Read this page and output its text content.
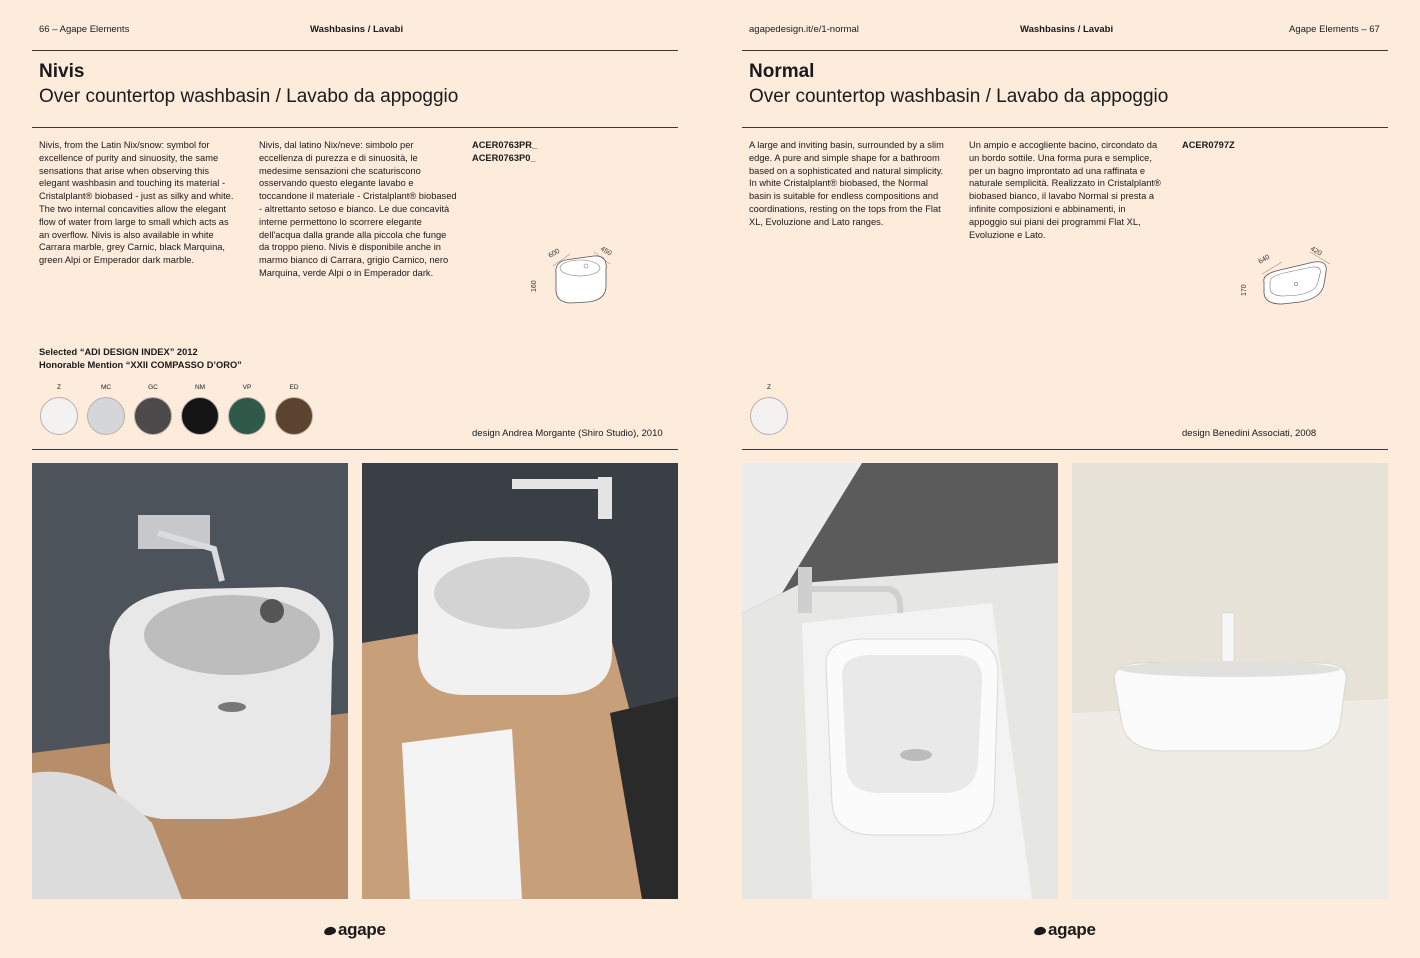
66 – Agape Elements	Washbasins / Lavabi
Nivis
Over countertop washbasin / Lavabo da appoggio
Nivis, from the Latin Nix/snow: symbol for excellence of purity and sinuosity, the same sensations that arise when observing this elegant washbasin and touching its material - Cristalplant® biobased - just as silky and white. The two internal concavities allow the elegant flow of water from large to small which acts as an overflow. Nivis is also available in white Carrara marble, grey Carnic, black Marquina, green Alpi or Emperador dark marble.
Nivis, dal latino Nix/neve: simbolo per eccellenza di purezza e di sinuosità, le medesime sensazioni che scaturiscono osservando questo elegante lavabo e toccandone il materiale - Cristalplant® biobased - altrettanto setoso e bianco. Le due concavità interne permettono lo scorrere elegante dell'acqua dalla grande alla piccola che funge da troppo pieno. Nivis è disponibile anche in marmo bianco di Carrara, grigio Carnico, nero Marquina, verde Alpi o in Emperador dark.
ACER0763PR_
ACER0763P0_
600	450
160
Selected “ADI DESIGN INDEX” 2012
Honorable Mention “XXII COMPASSO D’ORO”
Z	MC	GC	NM	VP	ED
design Andrea Morgante (Shiro Studio), 2010
agape
agapedesign.it/e/1-normal	Washbasins / Lavabi	Agape Elements – 67
Normal
Over countertop washbasin / Lavabo da appoggio
A large and inviting basin, surrounded by a slim edge. A pure and simple shape for a bathroom based on a sophisticated and natural simplicity. In white Cristalplant® biobased, the Normal basin is suitable for endless compositions and coordinations, resting on the tops from the Flat XL, Evoluzione and Lato ranges.
Un ampio e accogliente bacino, circondato da un bordo sottile. Una forma pura e semplice, per un bagno improntato ad una raffinata e naturale semplicità. Realizzato in Cristalplant® biobased bianco, il lavabo Normal si presta a infinite composizioni e abbinamenti, in appoggio sui piani dei programmi Flat XL, Evoluzione e Lato.
ACER0797Z
640
420
170
Z
design Benedini Associati, 2008
agape
